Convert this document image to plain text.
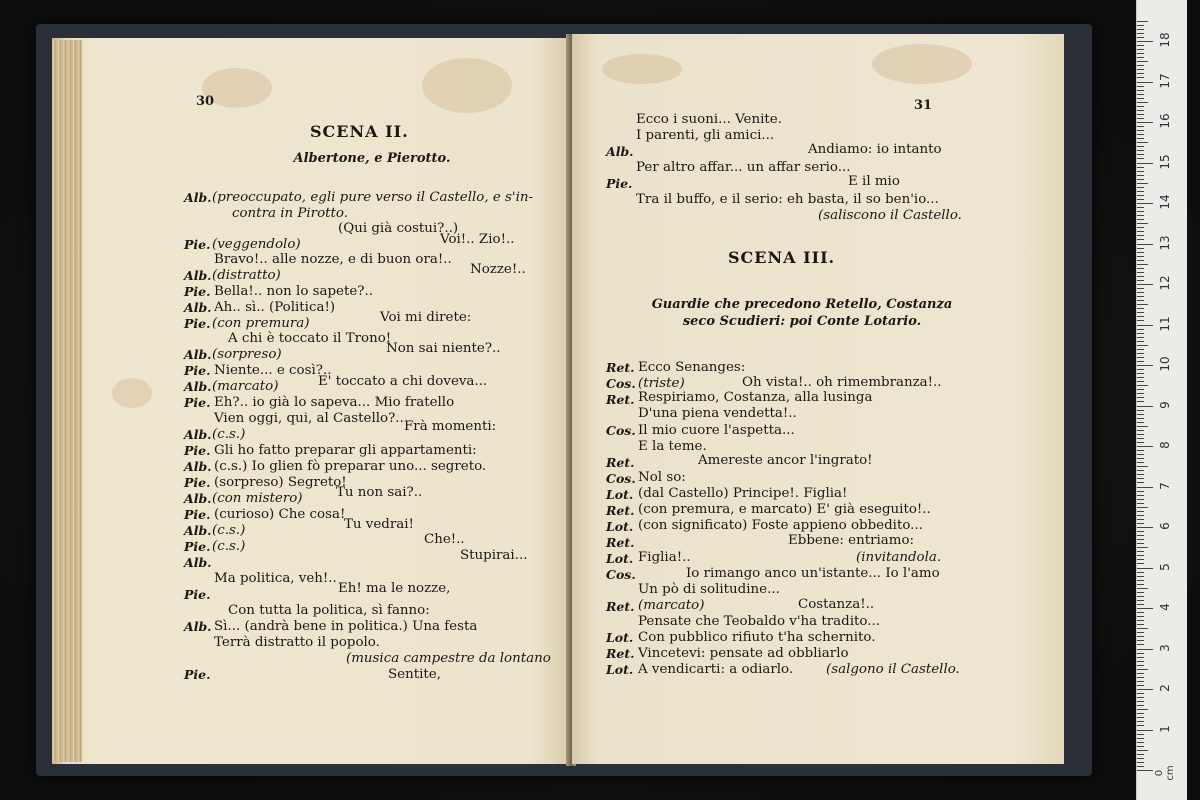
30
SCENA II.
Albertone, e Pierotto.
Alb. (preoccupato, egli pure verso il Castello, e s'in-
contra in Pirotto.
(Qui già costui?..)
Pie. (veggendolo)	Voi!.. Zio!..
Bravo!.. alle nozze, e di buon ora!..
Alb. (distratto)	Nozze!..
Pie. Bella!.. non lo sapete?..
Alb. Ah.. sì.. (Politica!)
Pie. (con premura)	Voi mi direte:
A chi è toccato il Trono!
Alb. (sorpreso)	Non sai niente?..
Pie. Niente... e così?..
Alb. (marcato)	E' toccato a chi doveva...
Pie. Eh?.. io già lo sapeva... Mio fratello
Vien oggi, qui, al Castello?..
Alb. (c.s.)
Frà momenti:
Pie. Gli ho fatto preparar gli appartamenti:
Alb. (c.s.) Io glien fò preparar uno... segreto.
Pie. (sorpreso) Segreto!
Alb. (con mistero) Tu non sai?..
Pie. (curioso) Che cosa!
Alb. (c.s.)	Tu vedrai!
Pie. (c.s.)	Che!..
Alb.	Stupirai...
Ma politica, veh!..
Pie.	Eh! ma le nozze,
Con tutta la politica, sì fanno:
Alb. Sì... (andrà bene in politica.) Una festa
Terrà distratto il popolo.
(musica campestre da lontano
Pie.	Sentite,
31
Ecco i suoni... Venite.
I parenti, gli amici...
Alb.	Andiamo: io intanto
Per altro affar... un affar serio...
Pie.	E il mio
Tra il buffo, e il serio: eh basta, il so ben'io...
(saliscono il Castello.
SCENA III.
Guardie che precedono Retello, Costanza
seco Scudieri: poi Conte Lotario.
Ret. Ecco Senanges:
Cos. (triste)	Oh vista!.. oh rimembranza!..
Ret. Respiriamo, Costanza, alla lusinga
D'una piena vendetta!..
Cos. Il mio cuore l'aspetta...
E la teme.
Ret.	Amereste ancor l'ingrato!
Cos. Nol so:
Lot. (dal Castello) Principe!. Figlia!
Ret. (con premura, e marcato) E' già eseguito!..
Lot. (con significato) Foste appieno obbedito...
Ret.	Ebbene: entriamo:
Lot. Figlia!..	(invitandola.
Cos.	Io rimango anco un'istante... Io l'amo
Un pò di solitudine...
Ret. (marcato)	Costanza!..
Pensate che Teobaldo v'ha tradito...
Lot. Con pubblico rifiuto t'ha schernito.
Ret. Vincetevi: pensate ad obbliarlo
Lot. A vendicarti: a odiarlo. (salgono il Castello.
0 cm
1
2
3
4
5
6
7
8
9
10
11
12
13
14
15
16
17
18
